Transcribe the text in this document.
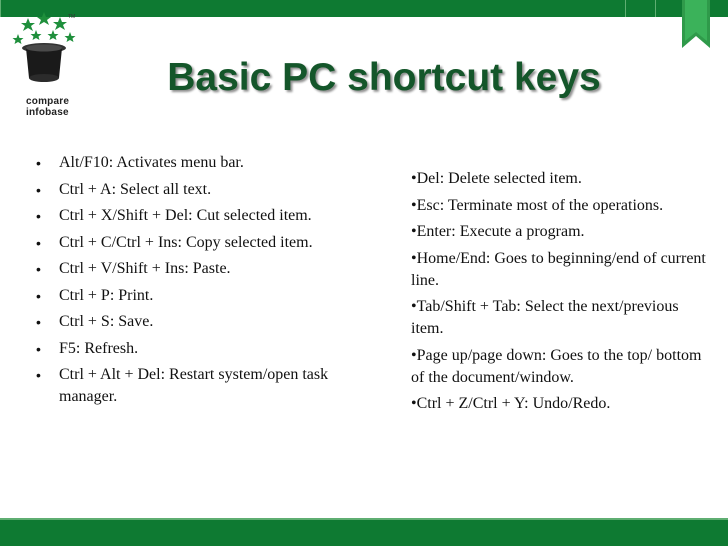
TM
compare
infobase
Basic PC shortcut keys
• Alt/F10: Activates menu bar.
• Ctrl + A: Select all text.
• Ctrl + X/Shift + Del: Cut selected item.
• Ctrl + C/Ctrl + Ins: Copy selected item.
• Ctrl + V/Shift + Ins: Paste.
• Ctrl + P: Print.
• Ctrl + S: Save.
• F5: Refresh.
• Ctrl + Alt + Del: Restart system/open task manager.
•Del: Delete selected item.
•Esc: Terminate most of the operations.
•Enter: Execute a program.
•Home/End: Goes to beginning/end of current line.
•Tab/Shift + Tab: Select the next/previous item.
•Page up/page down: Goes to the top/ bottom of the document/window.
•Ctrl + Z/Ctrl + Y: Undo/Redo.
